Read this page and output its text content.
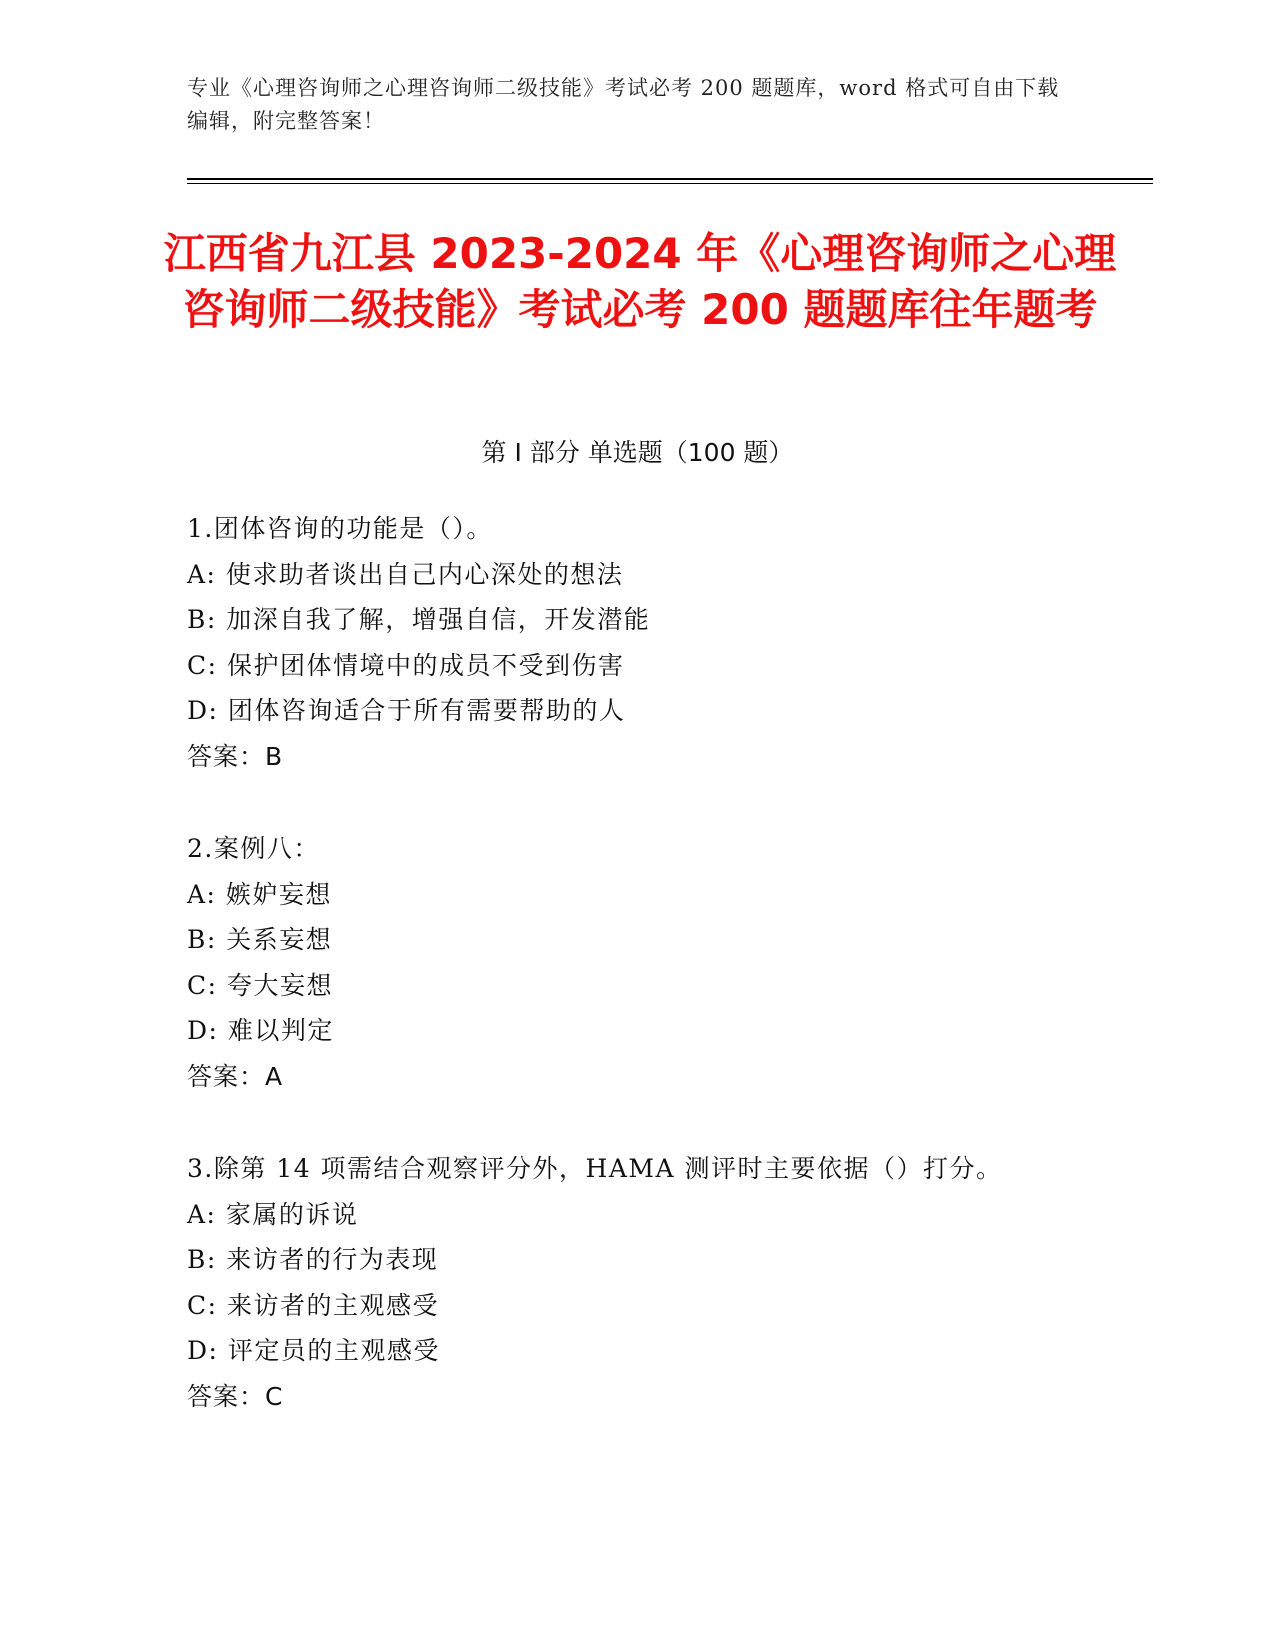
专业《心理咨询师之心理咨询师二级技能》考试必考 200 题题库，word 格式可自由下载编辑，附完整答案！
江西省九江县 2023-2024 年《心理咨询师之心理咨询师二级技能》考试必考 200 题题库往年题考
第 I 部分 单选题（100 题）
1.团体咨询的功能是（）。
A: 使求助者谈出自己内心深处的想法
B: 加深自我了解，增强自信，开发潜能
C: 保护团体情境中的成员不受到伤害
D: 团体咨询适合于所有需要帮助的人
答案：B
2.案例八：
A: 嫉妒妄想
B: 关系妄想
C: 夸大妄想
D: 难以判定
答案：A
3.除第 14 项需结合观察评分外，HAMA 测评时主要依据（）打分。
A: 家属的诉说
B: 来访者的行为表现
C: 来访者的主观感受
D: 评定员的主观感受
答案：C
